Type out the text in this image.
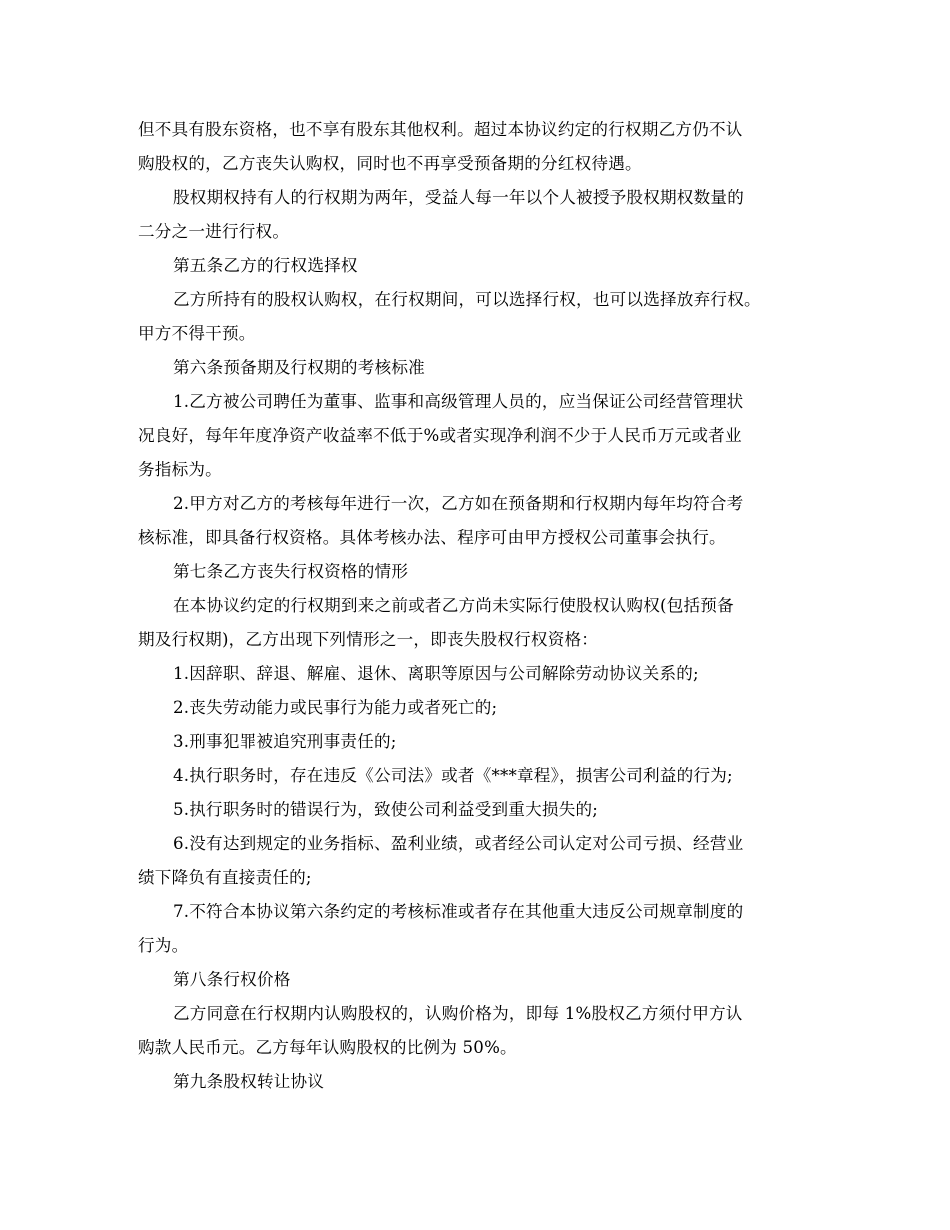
但不具有股东资格，也不享有股东其他权利。超过本协议约定的行权期乙方仍不认
购股权的，乙方丧失认购权，同时也不再享受预备期的分红权待遇。
股权期权持有人的行权期为两年，受益人每一年以个人被授予股权期权数量的
二分之一进行行权。
第五条乙方的行权选择权
乙方所持有的股权认购权，在行权期间，可以选择行权，也可以选择放弃行权。
甲方不得干预。
第六条预备期及行权期的考核标准
1.乙方被公司聘任为董事、监事和高级管理人员的，应当保证公司经营管理状
况良好，每年年度净资产收益率不低于%或者实现净利润不少于人民币万元或者业
务指标为。
2.甲方对乙方的考核每年进行一次，乙方如在预备期和行权期内每年均符合考
核标准，即具备行权资格。具体考核办法、程序可由甲方授权公司董事会执行。
第七条乙方丧失行权资格的情形
在本协议约定的行权期到来之前或者乙方尚未实际行使股权认购权(包括预备
期及行权期)，乙方出现下列情形之一，即丧失股权行权资格：
1.因辞职、辞退、解雇、退休、离职等原因与公司解除劳动协议关系的;
2.丧失劳动能力或民事行为能力或者死亡的;
3.刑事犯罪被追究刑事责任的;
4.执行职务时，存在违反《公司法》或者《***章程》，损害公司利益的行为;
5.执行职务时的错误行为，致使公司利益受到重大损失的;
6.没有达到规定的业务指标、盈利业绩，或者经公司认定对公司亏损、经营业
绩下降负有直接责任的;
7.不符合本协议第六条约定的考核标准或者存在其他重大违反公司规章制度的
行为。
第八条行权价格
乙方同意在行权期内认购股权的，认购价格为，即每 1%股权乙方须付甲方认
购款人民币元。乙方每年认购股权的比例为 50%。
第九条股权转让协议
